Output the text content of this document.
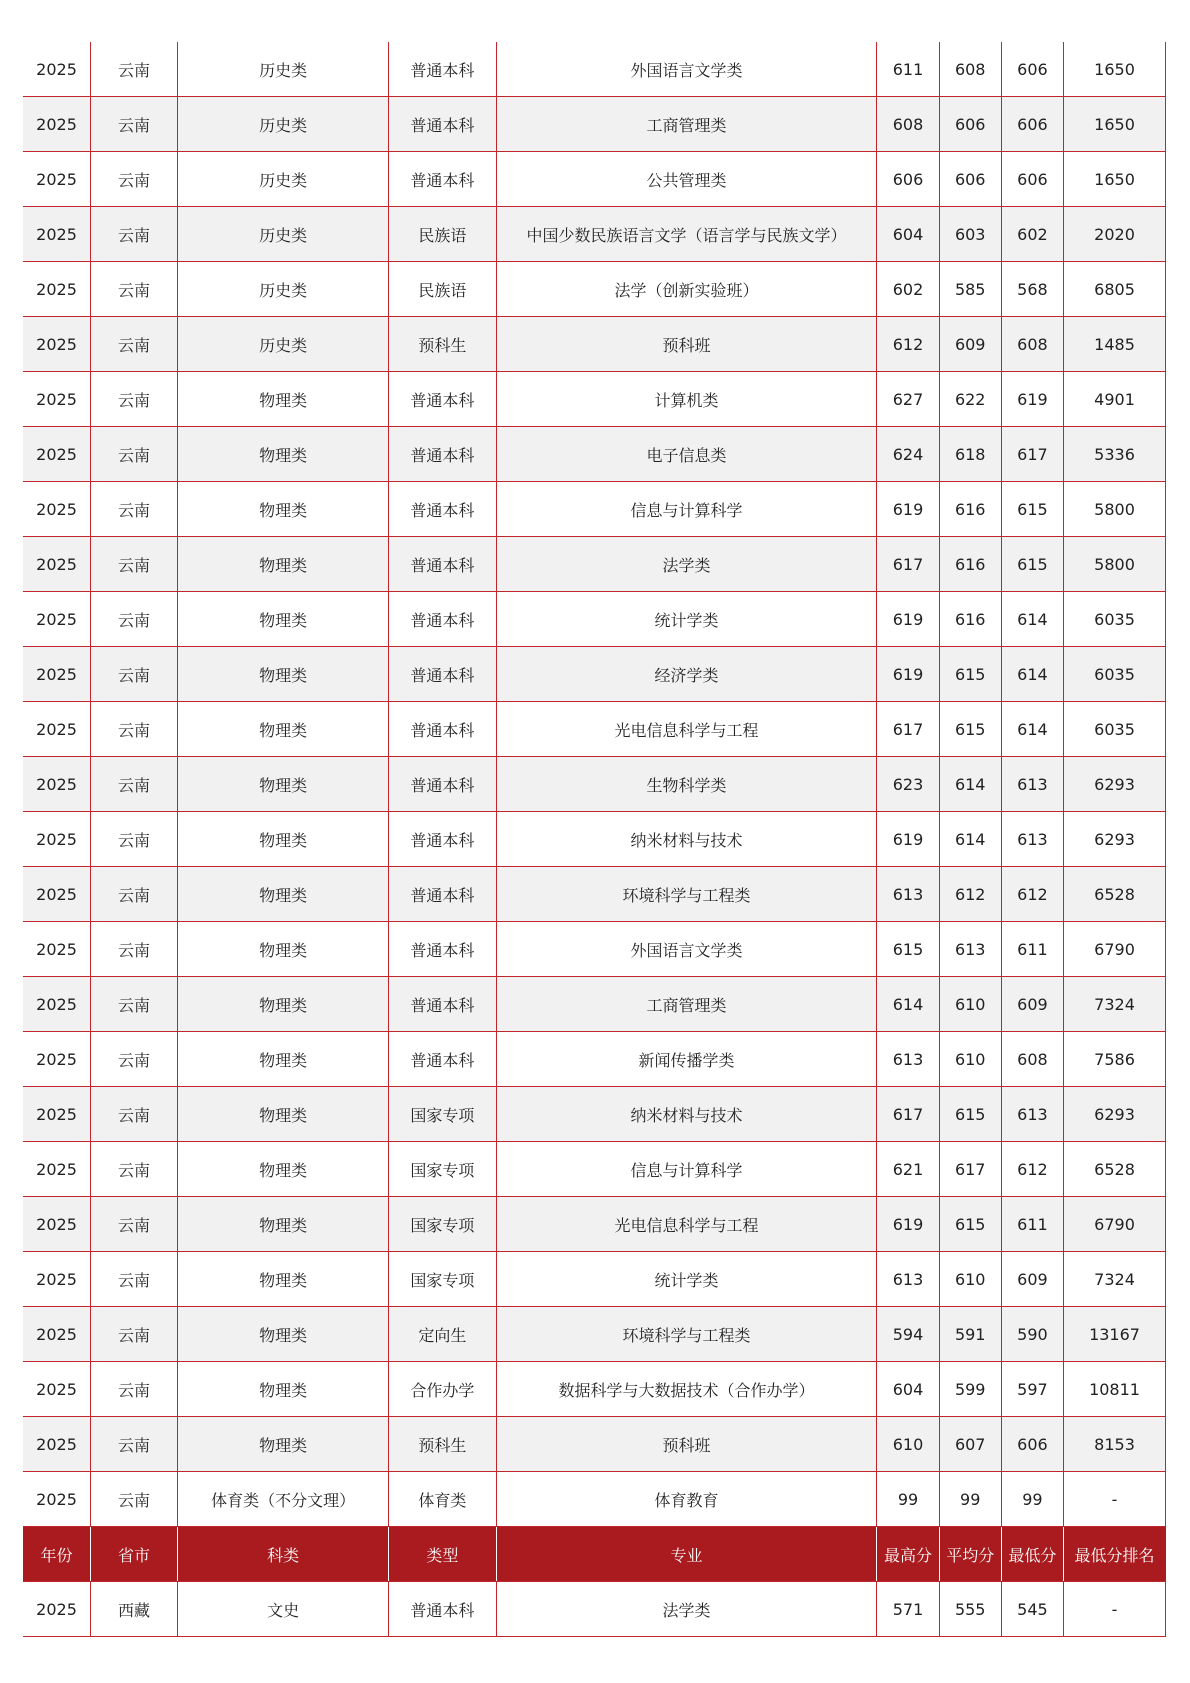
2025	云南	历史类	普通本科	外国语言文学类	611	608	606	1650
2025	云南	历史类	普通本科	工商管理类	608	606	606	1650
2025	云南	历史类	普通本科	公共管理类	606	606	606	1650
2025	云南	历史类	民族语	中国少数民族语言文学（语言学与民族文学）	604	603	602	2020
2025	云南	历史类	民族语	法学（创新实验班）	602	585	568	6805
2025	云南	历史类	预科生	预科班	612	609	608	1485
2025	云南	物理类	普通本科	计算机类	627	622	619	4901
2025	云南	物理类	普通本科	电子信息类	624	618	617	5336
2025	云南	物理类	普通本科	信息与计算科学	619	616	615	5800
2025	云南	物理类	普通本科	法学类	617	616	615	5800
2025	云南	物理类	普通本科	统计学类	619	616	614	6035
2025	云南	物理类	普通本科	经济学类	619	615	614	6035
2025	云南	物理类	普通本科	光电信息科学与工程	617	615	614	6035
2025	云南	物理类	普通本科	生物科学类	623	614	613	6293
2025	云南	物理类	普通本科	纳米材料与技术	619	614	613	6293
2025	云南	物理类	普通本科	环境科学与工程类	613	612	612	6528
2025	云南	物理类	普通本科	外国语言文学类	615	613	611	6790
2025	云南	物理类	普通本科	工商管理类	614	610	609	7324
2025	云南	物理类	普通本科	新闻传播学类	613	610	608	7586
2025	云南	物理类	国家专项	纳米材料与技术	617	615	613	6293
2025	云南	物理类	国家专项	信息与计算科学	621	617	612	6528
2025	云南	物理类	国家专项	光电信息科学与工程	619	615	611	6790
2025	云南	物理类	国家专项	统计学类	613	610	609	7324
2025	云南	物理类	定向生	环境科学与工程类	594	591	590	13167
2025	云南	物理类	合作办学	数据科学与大数据技术（合作办学）	604	599	597	10811
2025	云南	物理类	预科生	预科班	610	607	606	8153
2025	云南	体育类（不分文理）	体育类	体育教育	99	99	99	-
年份	省市	科类	类型	专业	最高分	平均分	最低分	最低分排名
2025	西藏	文史	普通本科	法学类	571	555	545	-
